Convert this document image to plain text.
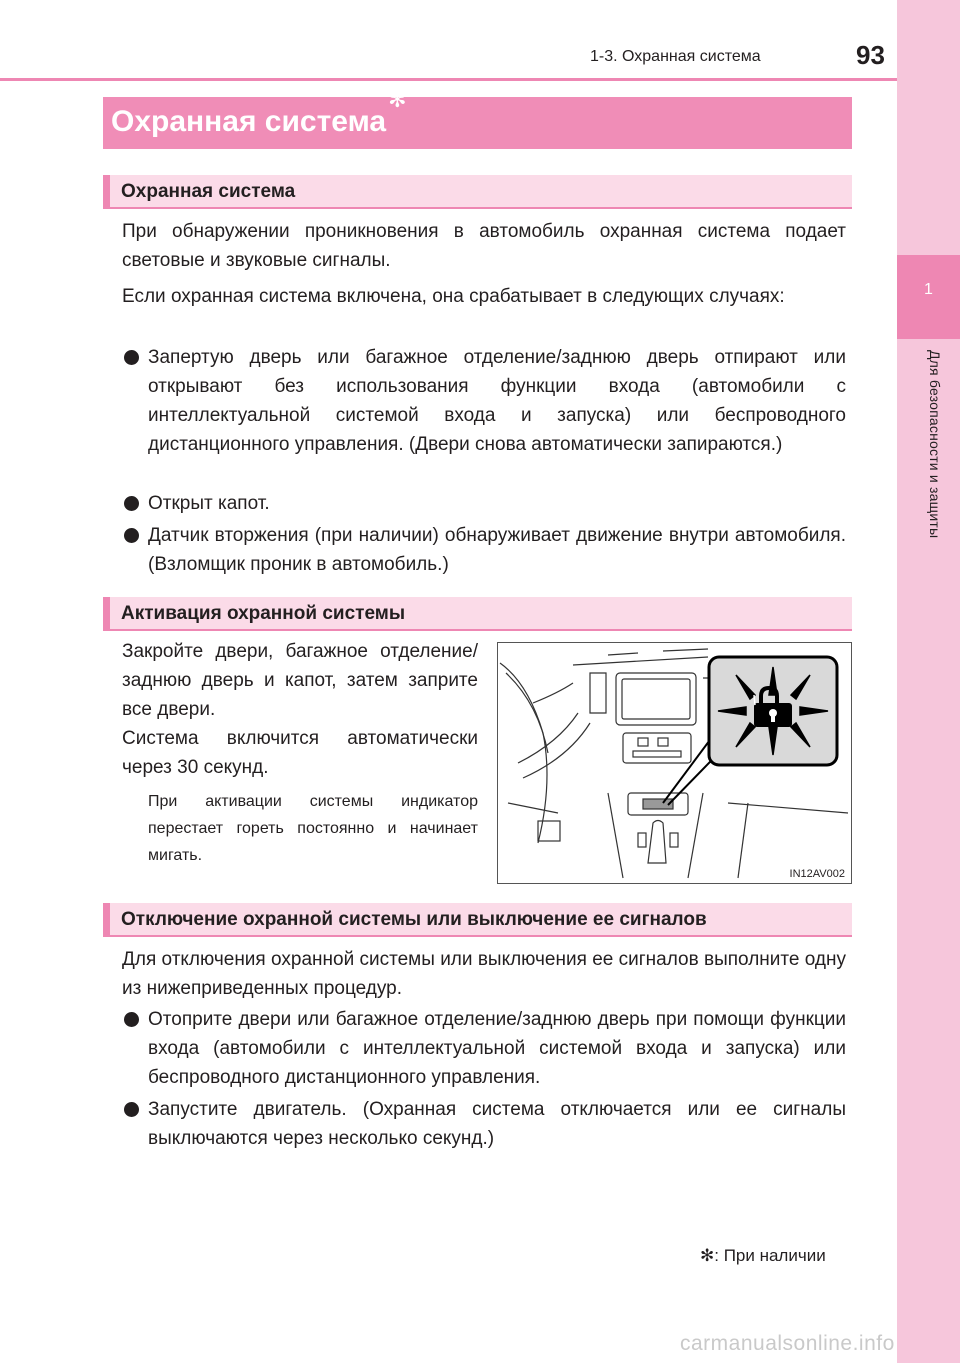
1
Для безопасности и защиты
1-3. Охранная система	93
Охранная система✻
Охранная система
При обнаружении проникновения в автомобиль охранная система подает световые и звуковые сигналы.
Если охранная система включена, она срабатывает в следующих случаях:
Запертую дверь или багажное отделение/заднюю дверь отпирают или открывают без использования функции входа (автомобили с интеллектуальной системой входа и запуска) или беспроводного дистанционного управления. (Двери снова автоматически запираются.)
Открыт капот.
Датчик вторжения (при наличии) обнаруживает движение внутри автомобиля. (Взломщик проник в автомобиль.)
Активация охранной системы
Закройте двери, багажное отделение/заднюю дверь и капот, затем заприте все двери.
Система включится автоматически через 30 секунд.
При активации системы индикатор перестает гореть постоянно и начинает мигать.
IN12AV002
Отключение охранной системы или выключение ее сигналов
Для отключения охранной системы или выключения ее сигналов выполните одну из нижеприведенных процедур.
Отоприте двери или багажное отделение/заднюю дверь при помощи функции входа (автомобили с интеллектуальной системой входа и запуска) или беспроводного дистанционного управления.
Запустите двигатель. (Охранная система отключается или ее сигналы выключаются через несколько секунд.)
✻: При наличии
carmanualsonline.info
